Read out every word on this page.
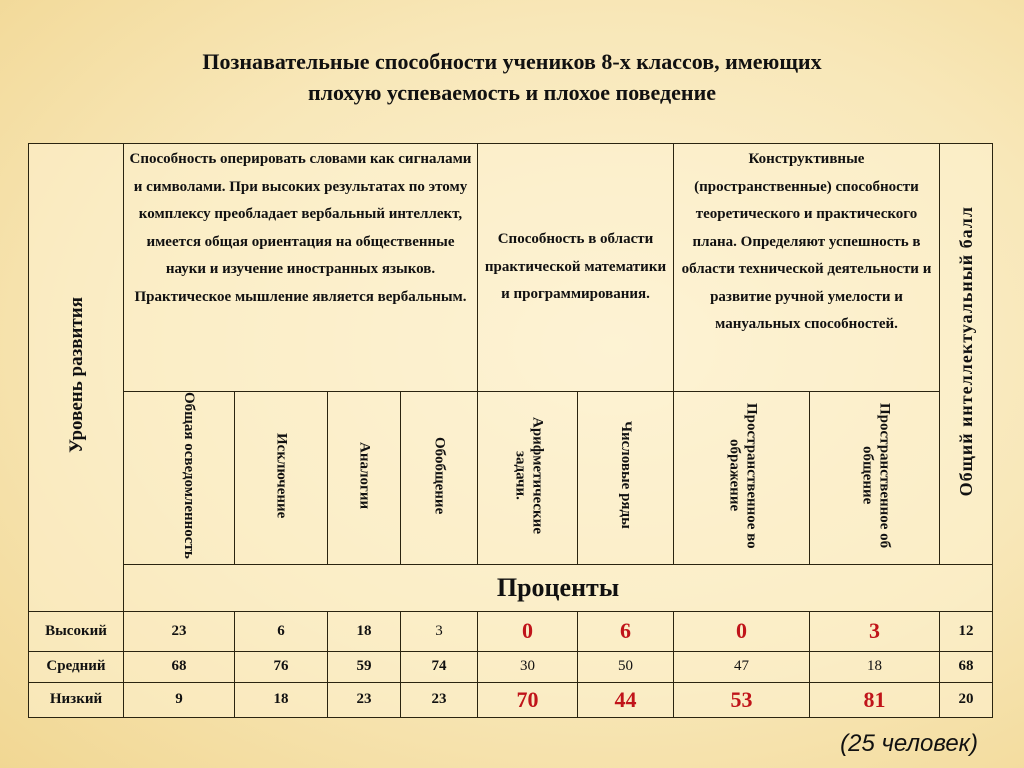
Познавательные способности учеников 8-х классов, имеющих
плохую успеваемость и плохое поведение
Уровень развития	Способность оперировать словами как сигналами и символами. При высоких результатах по этому комплексу преобладает вербальный интеллект, имеется общая ориентация на общественные науки и изучение иностранных языков. Практическое мышление является вербальным.				Способность в области практической математики и программирования.		Конструктивные (пространственные) способности теоретического и практического плана. Определяют успешность в области технической деятельности и развитие ручной умелости и мануальных способностей.		Общий интеллектуальный балл
	Общая осведомленность	Исключение	Аналогии	Обобщение	Арифметические задачи.	Числовые ряды	Пространственное воображение	Пространственное обобщение	
	Проценты								
Высокий	23	6	18	3	0	6	0	3	12
Средний	68	76	59	74	30	50	47	18	68
Низкий	9	18	23	23	70	44	53	81	20
(25 человек)
